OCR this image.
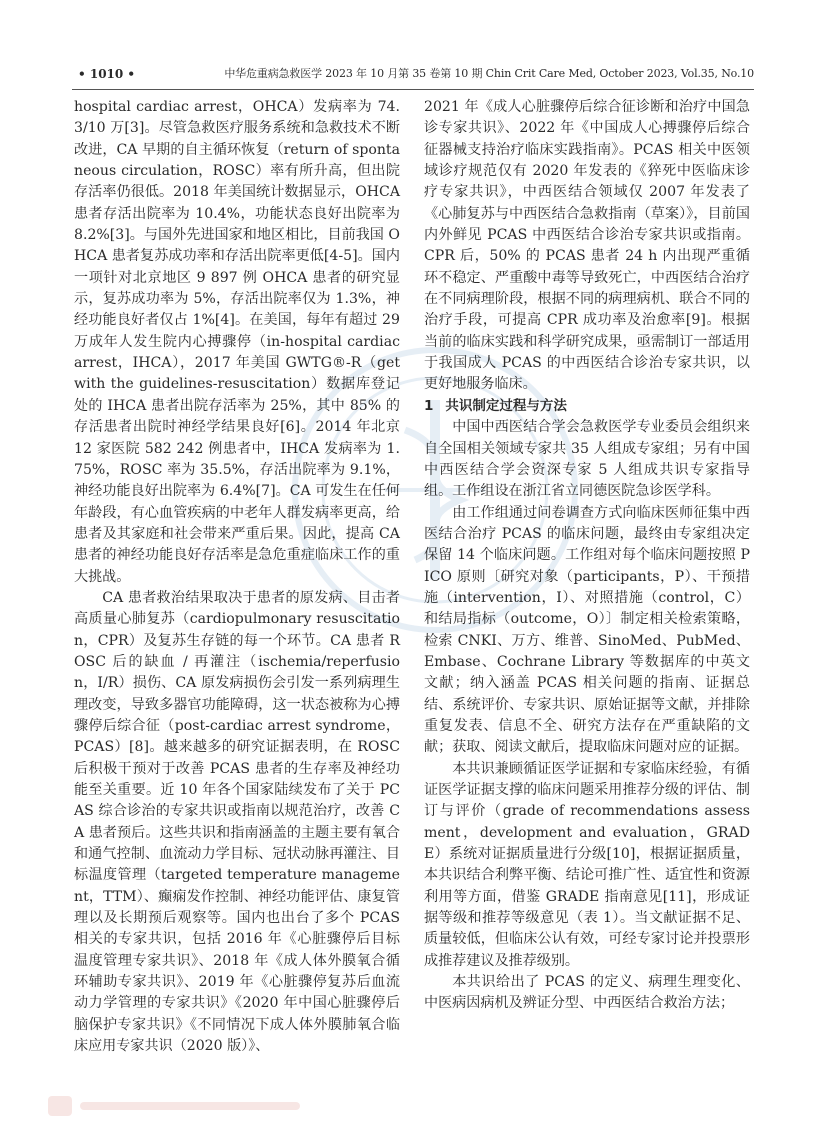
• 1010 •	中华危重病急救医学 2023 年 10 月第 35 卷第 10 期 Chin Crit Care Med, October 2023, Vol.35, No.10

hospital cardiac arrest，OHCA）发病率为 74.3/10 万[3]。尽管急救医疗服务系统和急救技术不断改进，CA 早期的自主循环恢复（return of spontaneous circulation，ROSC）率有所升高，但出院存活率仍很低。2018 年美国统计数据显示，OHCA 患者存活出院率为 10.4%，功能状态良好出院率为 8.2%[3]。与国外先进国家和地区相比，目前我国 OHCA 患者复苏成功率和存活出院率更低[4-5]。国内一项针对北京地区 9 897 例 OHCA 患者的研究显示，复苏成功率为 5%，存活出院率仅为 1.3%，神经功能良好者仅占 1%[4]。在美国，每年有超过 29 万成年人发生院内心搏骤停（in-hospital cardiac arrest，IHCA），2017 年美国 GWTG®-R（get with the guidelines-resuscitation）数据库登记处的 IHCA 患者出院存活率为 25%，其中 85% 的存活患者出院时神经学结果良好[6]。2014 年北京 12 家医院 582 242 例患者中，IHCA 发病率为 1.75%，ROSC 率为 35.5%，存活出院率为 9.1%，神经功能良好出院率为 6.4%[7]。CA 可发生在任何年龄段，有心血管疾病的中老年人群发病率更高，给患者及其家庭和社会带来严重后果。因此，提高 CA 患者的神经功能良好存活率是急危重症临床工作的重大挑战。

CA 患者救治结果取决于患者的原发病、目击者高质量心肺复苏（cardiopulmonary resuscitation，CPR）及复苏生存链的每一个环节。CA 患者 ROSC 后的缺血 / 再灌注（ischemia/reperfusion，I/R）损伤、CA 原发病损伤会引发一系列病理生理改变，导致多器官功能障碍，这一状态被称为心搏骤停后综合征（post-cardiac arrest syndrome，PCAS）[8]。越来越多的研究证据表明，在 ROSC 后积极干预对于改善 PCAS 患者的生存率及神经功能至关重要。近 10 年各个国家陆续发布了关于 PCAS 综合诊治的专家共识或指南以规范治疗，改善 CA 患者预后。这些共识和指南涵盖的主题主要有氧合和通气控制、血流动力学目标、冠状动脉再灌注、目标温度管理（targeted temperature management，TTM）、癫痫发作控制、神经功能评估、康复管理以及长期预后观察等。国内也出台了多个 PCAS 相关的专家共识，包括 2016 年《心脏骤停后目标温度管理专家共识》、2018 年《成人体外膜氧合循环辅助专家共识》、2019 年《心脏骤停复苏后血流动力学管理的专家共识》《2020 年中国心脏骤停后脑保护专家共识》《不同情况下成人体外膜肺氧合临床应用专家共识（2020 版）》、

2021 年《成人心脏骤停后综合征诊断和治疗中国急诊专家共识》、2022 年《中国成人心搏骤停后综合征器械支持治疗临床实践指南》。PCAS 相关中医领域诊疗规范仅有 2020 年发表的《猝死中医临床诊疗专家共识》，中西医结合领域仅 2007 年发表了《心肺复苏与中西医结合急救指南（草案）》，目前国内外鲜见 PCAS 中西医结合诊治专家共识或指南。CPR 后，50% 的 PCAS 患者 24 h 内出现严重循环不稳定、严重酸中毒等导致死亡，中西医结合治疗在不同病理阶段，根据不同的病理病机、联合不同的治疗手段，可提高 CPR 成功率及治愈率[9]。根据当前的临床实践和科学研究成果，亟需制订一部适用于我国成人 PCAS 的中西医结合诊治专家共识，以更好地服务临床。

1 共识制定过程与方法

中国中西医结合学会急救医学专业委员会组织来自全国相关领域专家共 35 人组成专家组；另有中国中西医结合学会资深专家 5 人组成共识专家指导组。工作组设在浙江省立同德医院急诊医学科。

由工作组通过问卷调查方式向临床医师征集中西医结合治疗 PCAS 的临床问题，最终由专家组决定保留 14 个临床问题。工作组对每个临床问题按照 PICO 原则〔研究对象（participants，P）、干预措施（intervention，I）、对照措施（control，C）和结局指标（outcome，O）〕制定相关检索策略，检索 CNKI、万方、维普、SinoMed、PubMed、Embase、Cochrane Library 等数据库的中英文文献；纳入涵盖 PCAS 相关问题的指南、证据总结、系统评价、专家共识、原始证据等文献，并排除重复发表、信息不全、研究方法存在严重缺陷的文献；获取、阅读文献后，提取临床问题对应的证据。

本共识兼顾循证医学证据和专家临床经验，有循证医学证据支撑的临床问题采用推荐分级的评估、制订与评价（grade of recommendations assessment，development and evaluation，GRADE）系统对证据质量进行分级[10]，根据证据质量，本共识结合利弊平衡、结论可推广性、适宜性和资源利用等方面，借鉴 GRADE 指南意见[11]，形成证据等级和推荐等级意见（表 1）。当文献证据不足、质量较低，但临床公认有效，可经专家讨论并投票形成推荐建议及推荐级别。

本共识给出了 PCAS 的定义、病理生理变化、中医病因病机及辨证分型、中西医结合救治方法；
